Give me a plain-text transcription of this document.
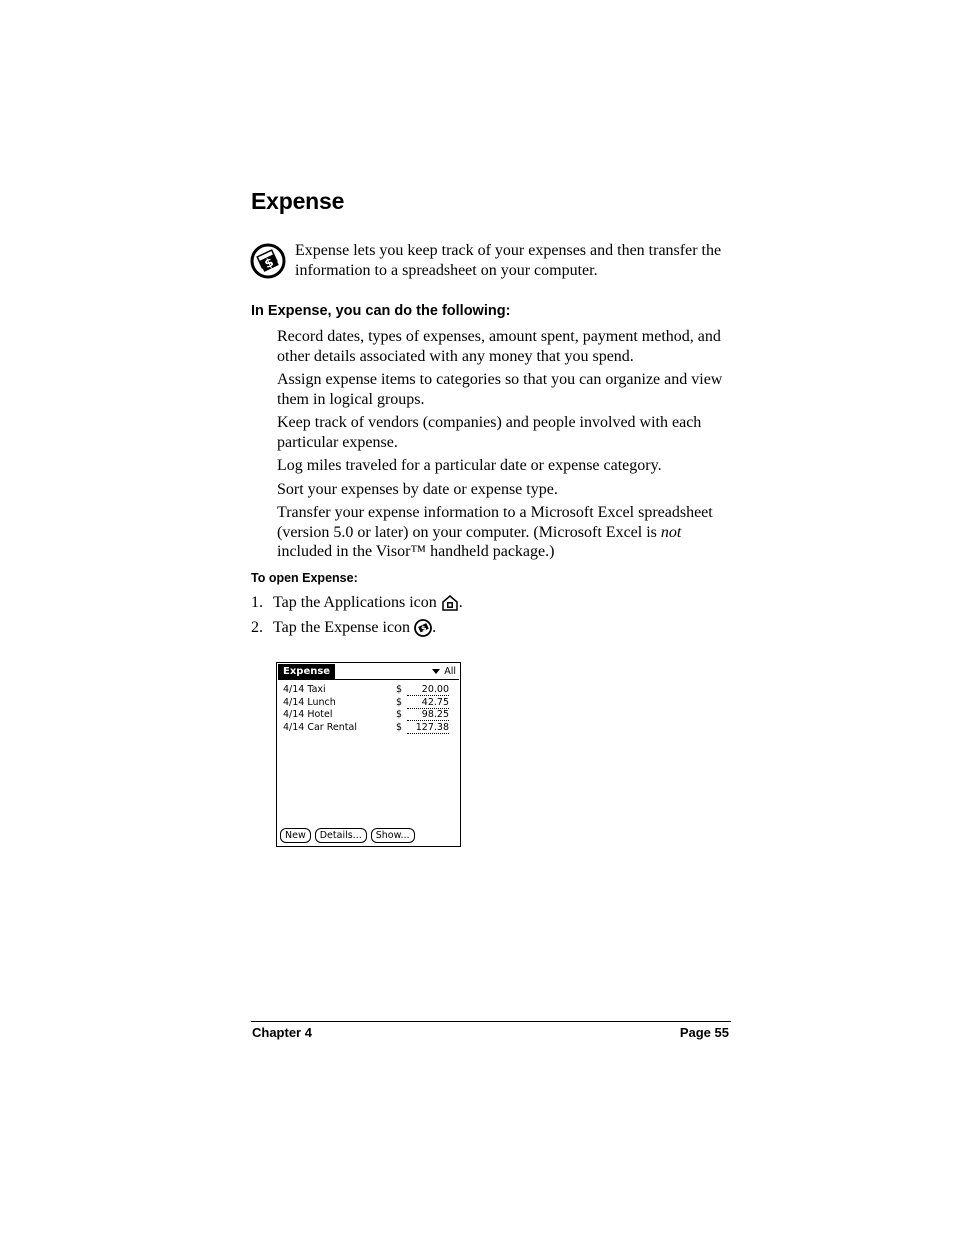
Expense
$
Expense lets you keep track of your expenses and then transfer the information to a spreadsheet on your computer.
In Expense, you can do the following:
Record dates, types of expenses, amount spent, payment method, and other details associated with any money that you spend.
Assign expense items to categories so that you can organize and view them in logical groups.
Keep track of vendors (companies) and people involved with each particular expense.
Log miles traveled for a particular date or expense category.
Sort your expenses by date or expense type.
Transfer your expense information to a Microsoft Excel spreadsheet (version 5.0 or later) on your computer. (Microsoft Excel is not included in the Visor™ handheld package.)
To open Expense:
1. Tap the Applications icon .
2. Tap the Expense icon $ .
Expense	All
4/14 Taxi	$	20.00
4/14 Lunch	$	42.75
4/14 Hotel	$	98.25
4/14 Car Rental	$	127.38
New	Details...	Show...
Chapter 4	Page 55
